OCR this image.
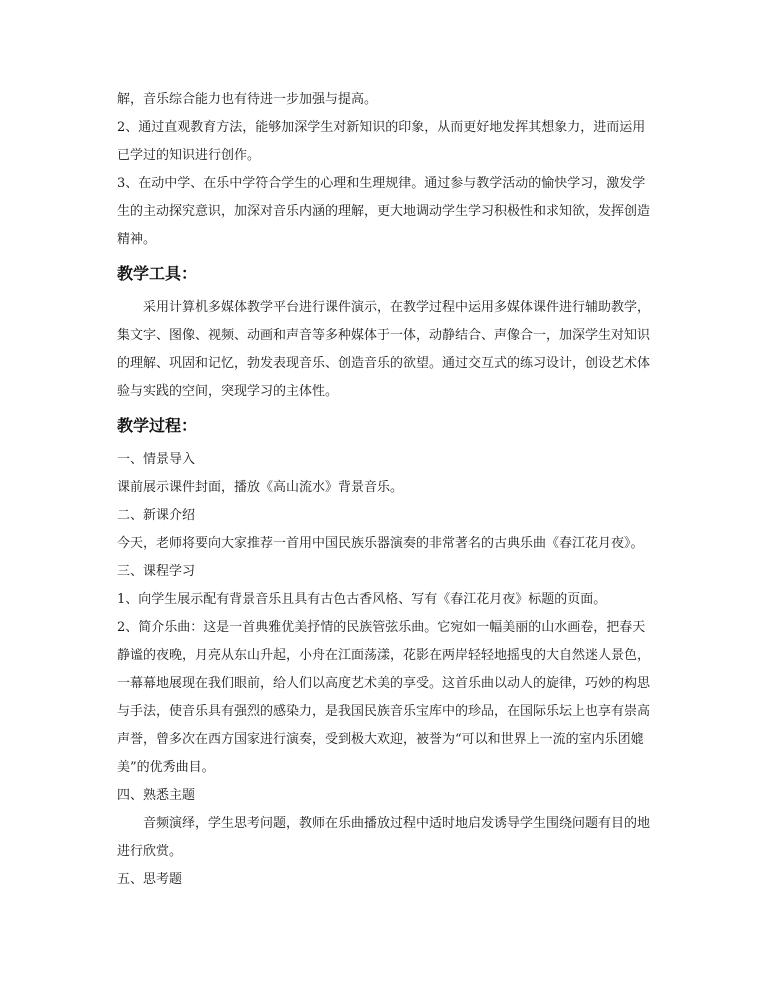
解，音乐综合能力也有待进一步加强与提高。

2、通过直观教育方法，能够加深学生对新知识的印象，从而更好地发挥其想象力，进而运用已学过的知识进行创作。

3、在动中学、在乐中学符合学生的心理和生理规律。通过参与教学活动的愉快学习，激发学生的主动探究意识，加深对音乐内涵的理解，更大地调动学生学习积极性和求知欲，发挥创造精神。

教学工具：

采用计算机多媒体教学平台进行课件演示，在教学过程中运用多媒体课件进行辅助教学，集文字、图像、视频、动画和声音等多种媒体于一体，动静结合、声像合一，加深学生对知识的理解、巩固和记忆，勃发表现音乐、创造音乐的欲望。通过交互式的练习设计，创设艺术体验与实践的空间，突现学习的主体性。

教学过程：

一、情景导入

课前展示课件封面，播放《高山流水》背景音乐。

二、新课介绍

今天，老师将要向大家推荐一首用中国民族乐器演奏的非常著名的古典乐曲《春江花月夜》。

三、课程学习

1、向学生展示配有背景音乐且具有古色古香风格、写有《春江花月夜》标题的页面。

2、简介乐曲：这是一首典雅优美抒情的民族管弦乐曲。它宛如一幅美丽的山水画卷，把春天静谧的夜晚，月亮从东山升起，小舟在江面荡漾，花影在两岸轻轻地摇曳的大自然迷人景色，一幕幕地展现在我们眼前，给人们以高度艺术美的享受。这首乐曲以动人的旋律，巧妙的构思与手法，使音乐具有强烈的感染力，是我国民族音乐宝库中的珍品，在国际乐坛上也享有崇高声誉，曾多次在西方国家进行演奏，受到极大欢迎，被誉为“可以和世界上一流的室内乐团媲美”的优秀曲目。

四、熟悉主题

音频演绎，学生思考问题，教师在乐曲播放过程中适时地启发诱导学生围绕问题有目的地进行欣赏。

五、思考题
